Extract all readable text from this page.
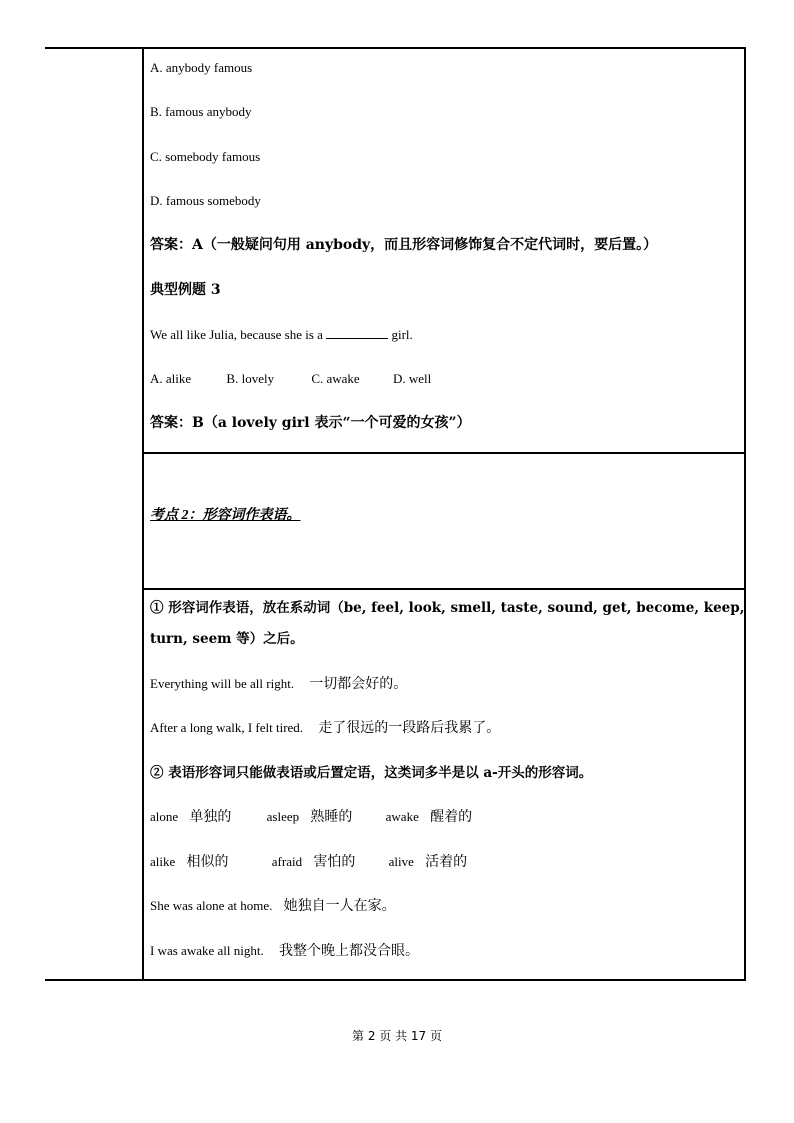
A. anybody famous
B. famous anybody
C. somebody famous
D. famous somebody
答案：A（一般疑问句用 anybody，而且形容词修饰复合不定代词时，要后置。）
典型例题 3
We all like Julia, because she is a	girl.
A. alike	B. lovely	C. awake	D. well
答案：B（a lovely girl 表示“一个可爱的女孩”）
考点 2：形容词作表语。
① 形容词作表语，放在系动词（be, feel, look, smell, taste, sound, get, become, keep,
turn, seem 等）之后。
Everything will be all right. 一切都会好的。
After a long walk, I felt tired. 走了很远的一段路后我累了。
② 表语形容词只能做表语或后置定语，这类词多半是以 a-开头的形容词。
alone 单独的	asleep 熟睡的	awake 醒着的
alike 相似的	afraid 害怕的	alive 活着的
She was alone at home. 她独自一人在家。
I was awake all night. 我整个晚上都没合眼。
第 2 页 共 17 页
